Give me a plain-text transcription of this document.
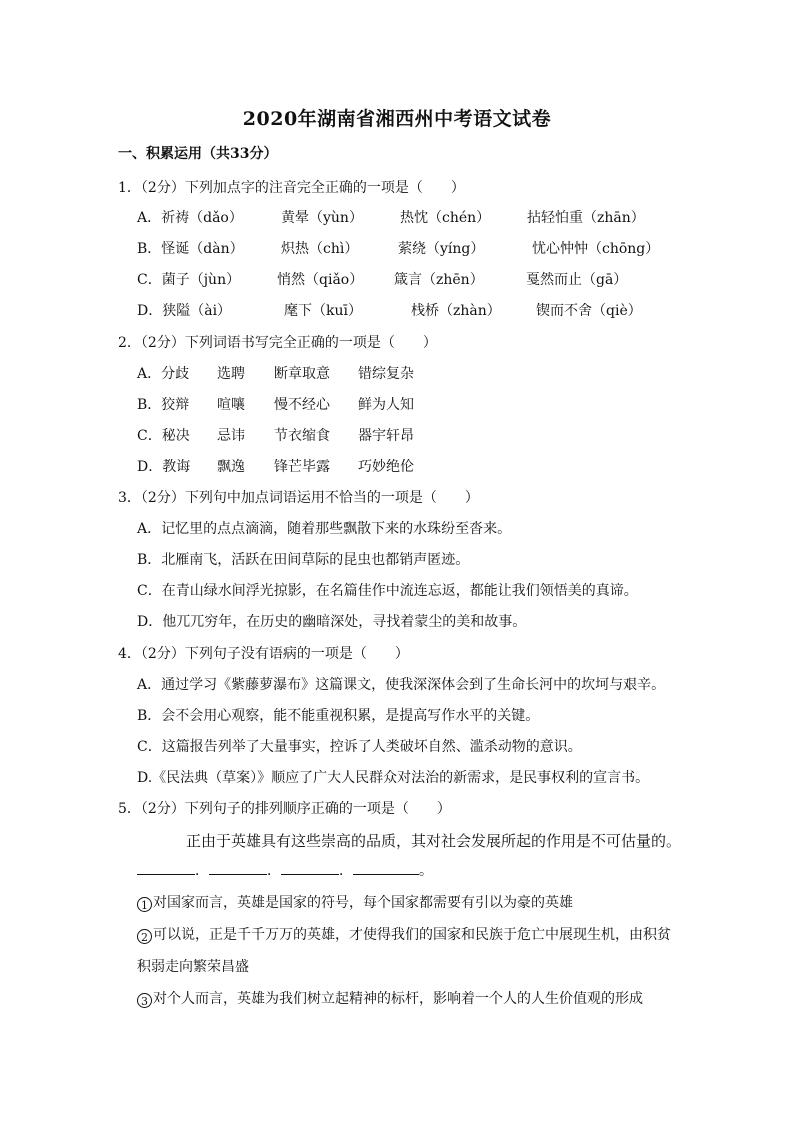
2020年湖南省湘西州中考语文试卷
一、积累运用（共33分）
1．（2分）下列加点字的注音完全正确的一项是（　　）
A．祈祷（dǎo）	黄晕（yùn）	热忱（chén）	拈轻怕重（zhān）
B．怪诞（dàn）	炽热（chì）	萦绕（yíng）	忧心忡忡（chōng）
C．菌子（jùn）	悄然（qiǎo） 箴言（zhēn）	戛然而止（gā）
D．狭隘（ài）	麾下（kuī）	栈桥（zhàn）	锲而不舍（qiè）
2．（2分）下列词语书写完全正确的一项是（　　）
A．分歧 选聘 断章取意 错综复杂
B．狡辩 喧嚷 慢不经心 鲜为人知
C．秘决 忌讳 节衣缩食 器宇轩昂
D．教诲 飘逸 锋芒毕露 巧妙绝伦
3．（2分）下列句中加点词语运用不恰当的一项是（　　）
A．记忆里的点点滴滴，随着那些飘散下来的水珠纷至沓来。
B．北雁南飞，活跃在田间草际的昆虫也都销声匿迹。
C．在青山绿水间浮光掠影，在名篇佳作中流连忘返，都能让我们领悟美的真谛。
D．他兀兀穷年，在历史的幽暗深处，寻找着蒙尘的美和故事。
4．（2分）下列句子没有语病的一项是（　　）
A．通过学习《紫藤萝瀑布》这篇课文，使我深深体会到了生命长河中的坎坷与艰辛。
B．会不会用心观察，能不能重视积累，是提高写作水平的关键。
C．这篇报告列举了大量事实，控诉了人类破坏自然、滥杀动物的意识。
D.《民法典（草案）》顺应了广大人民群众对法治的新需求，是民事权利的宣言书。
5．（2分）下列句子的排列顺序正确的一项是（　　）
正由于英雄具有这些崇高的品质，其对社会发展所起的作用是不可估量的。
．	．	．	。
1 对国家而言，英雄是国家的符号，每个国家都需要有引以为豪的英雄
2 可以说，正是千千万万的英雄，才使得我们的国家和民族于危亡中展现生机，由积贫
积弱走向繁荣昌盛
3 对个人而言，英雄为我们树立起精神的标杆，影响着一个人的人生价值观的形成
